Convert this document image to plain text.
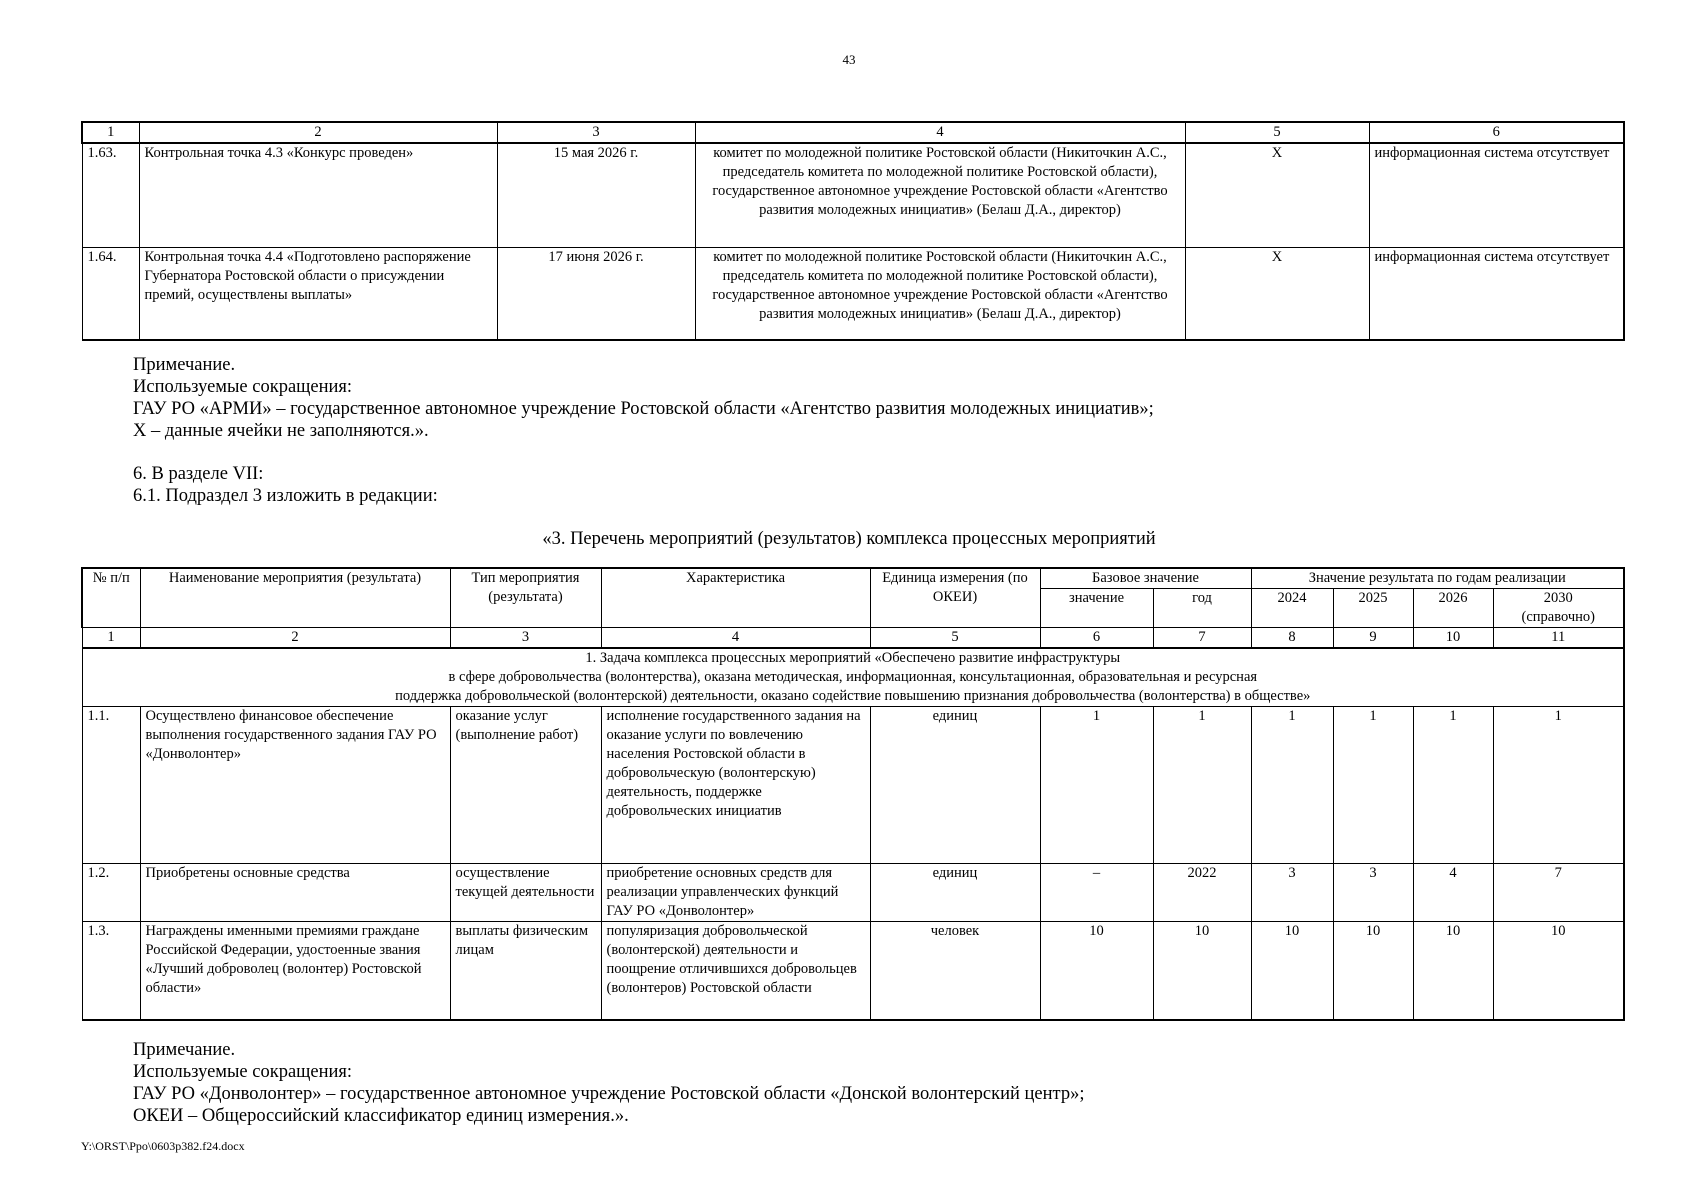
43
1	2	3	4	5	6
1.63.	Контрольная точка 4.3 «Конкурс проведен»	15 мая 2026 г.	комитет по молодежной политике Ростовской области (Никиточкин А.С., председатель комитета по молодежной политике Ростовской области), государственное автономное учреждение Ростовской области «Агентство развития молодежных инициатив» (Белаш Д.А., директор)	Х	информационная система отсутствует
1.64.	Контрольная точка 4.4 «Подготовлено распоряжение Губернатора Ростовской области о присуждении премий, осуществлены выплаты»	17 июня 2026 г.	комитет по молодежной политике Ростовской области (Никиточкин А.С., председатель комитета по молодежной политике Ростовской области), государственное автономное учреждение Ростовской области «Агентство развития молодежных инициатив» (Белаш Д.А., директор)	Х	информационная система отсутствует
Примечание.
Используемые сокращения:
ГАУ РО «АРМИ» – государственное автономное учреждение Ростовской области «Агентство развития молодежных инициатив»;
Х – данные ячейки не заполняются.».
6. В разделе VII:
6.1. Подраздел 3 изложить в редакции:
«3. Перечень мероприятий (результатов) комплекса процессных мероприятий
№ п/п	Наименование мероприятия (результата)	Тип мероприятия (результата)	Характеристика	Единица измерения (по ОКЕИ)	Базовое значение		Значение результата по годам реализации			
					значение	год	2024	2025	2026	2030
(справочно)

1	2	3	4	5	6	7	8	9	10	11

1. Задача комплекса процессных мероприятий «Обеспечено развитие инфраструктуры
в сфере добровольчества (волонтерства), оказана методическая, информационная, консультационная, образовательная и ресурсная
поддержка добровольческой (волонтерской) деятельности, оказано содействие повышению признания добровольчества (волонтерства) в обществе»										

1.1.	Осуществлено финансовое обеспечение выполнения государственного задания ГАУ РО «Донволонтер»	оказание услуг (выполнение работ)	исполнение государственного задания на оказание услуги по вовлечению населения Ростовской области в добровольческую (волонтерскую) деятельность, поддержке добровольческих инициатив	единиц	1	1	1	1	1	1
1.2.	Приобретены основные средства	осуществление текущей деятельности	приобретение основных средств для реализации управленческих функций ГАУ РО «Донволонтер»	единиц	–	2022	3	3	4	7
1.3.	Награждены именными премиями граждане Российской Федерации, удостоенные звания «Лучший доброволец (волонтер) Ростовской области»	выплаты физическим лицам	популяризация добровольческой (волонтерской) деятельности и поощрение отличившихся добровольцев (волонтеров) Ростовской области	человек	10	10	10	10	10	10
Примечание.
Используемые сокращения:
ГАУ РО «Донволонтер» – государственное автономное учреждение Ростовской области «Донской волонтерский центр»;
ОКЕИ – Общероссийский классификатор единиц измерения.».
Y:\ORST\Ppo\0603p382.f24.docx
